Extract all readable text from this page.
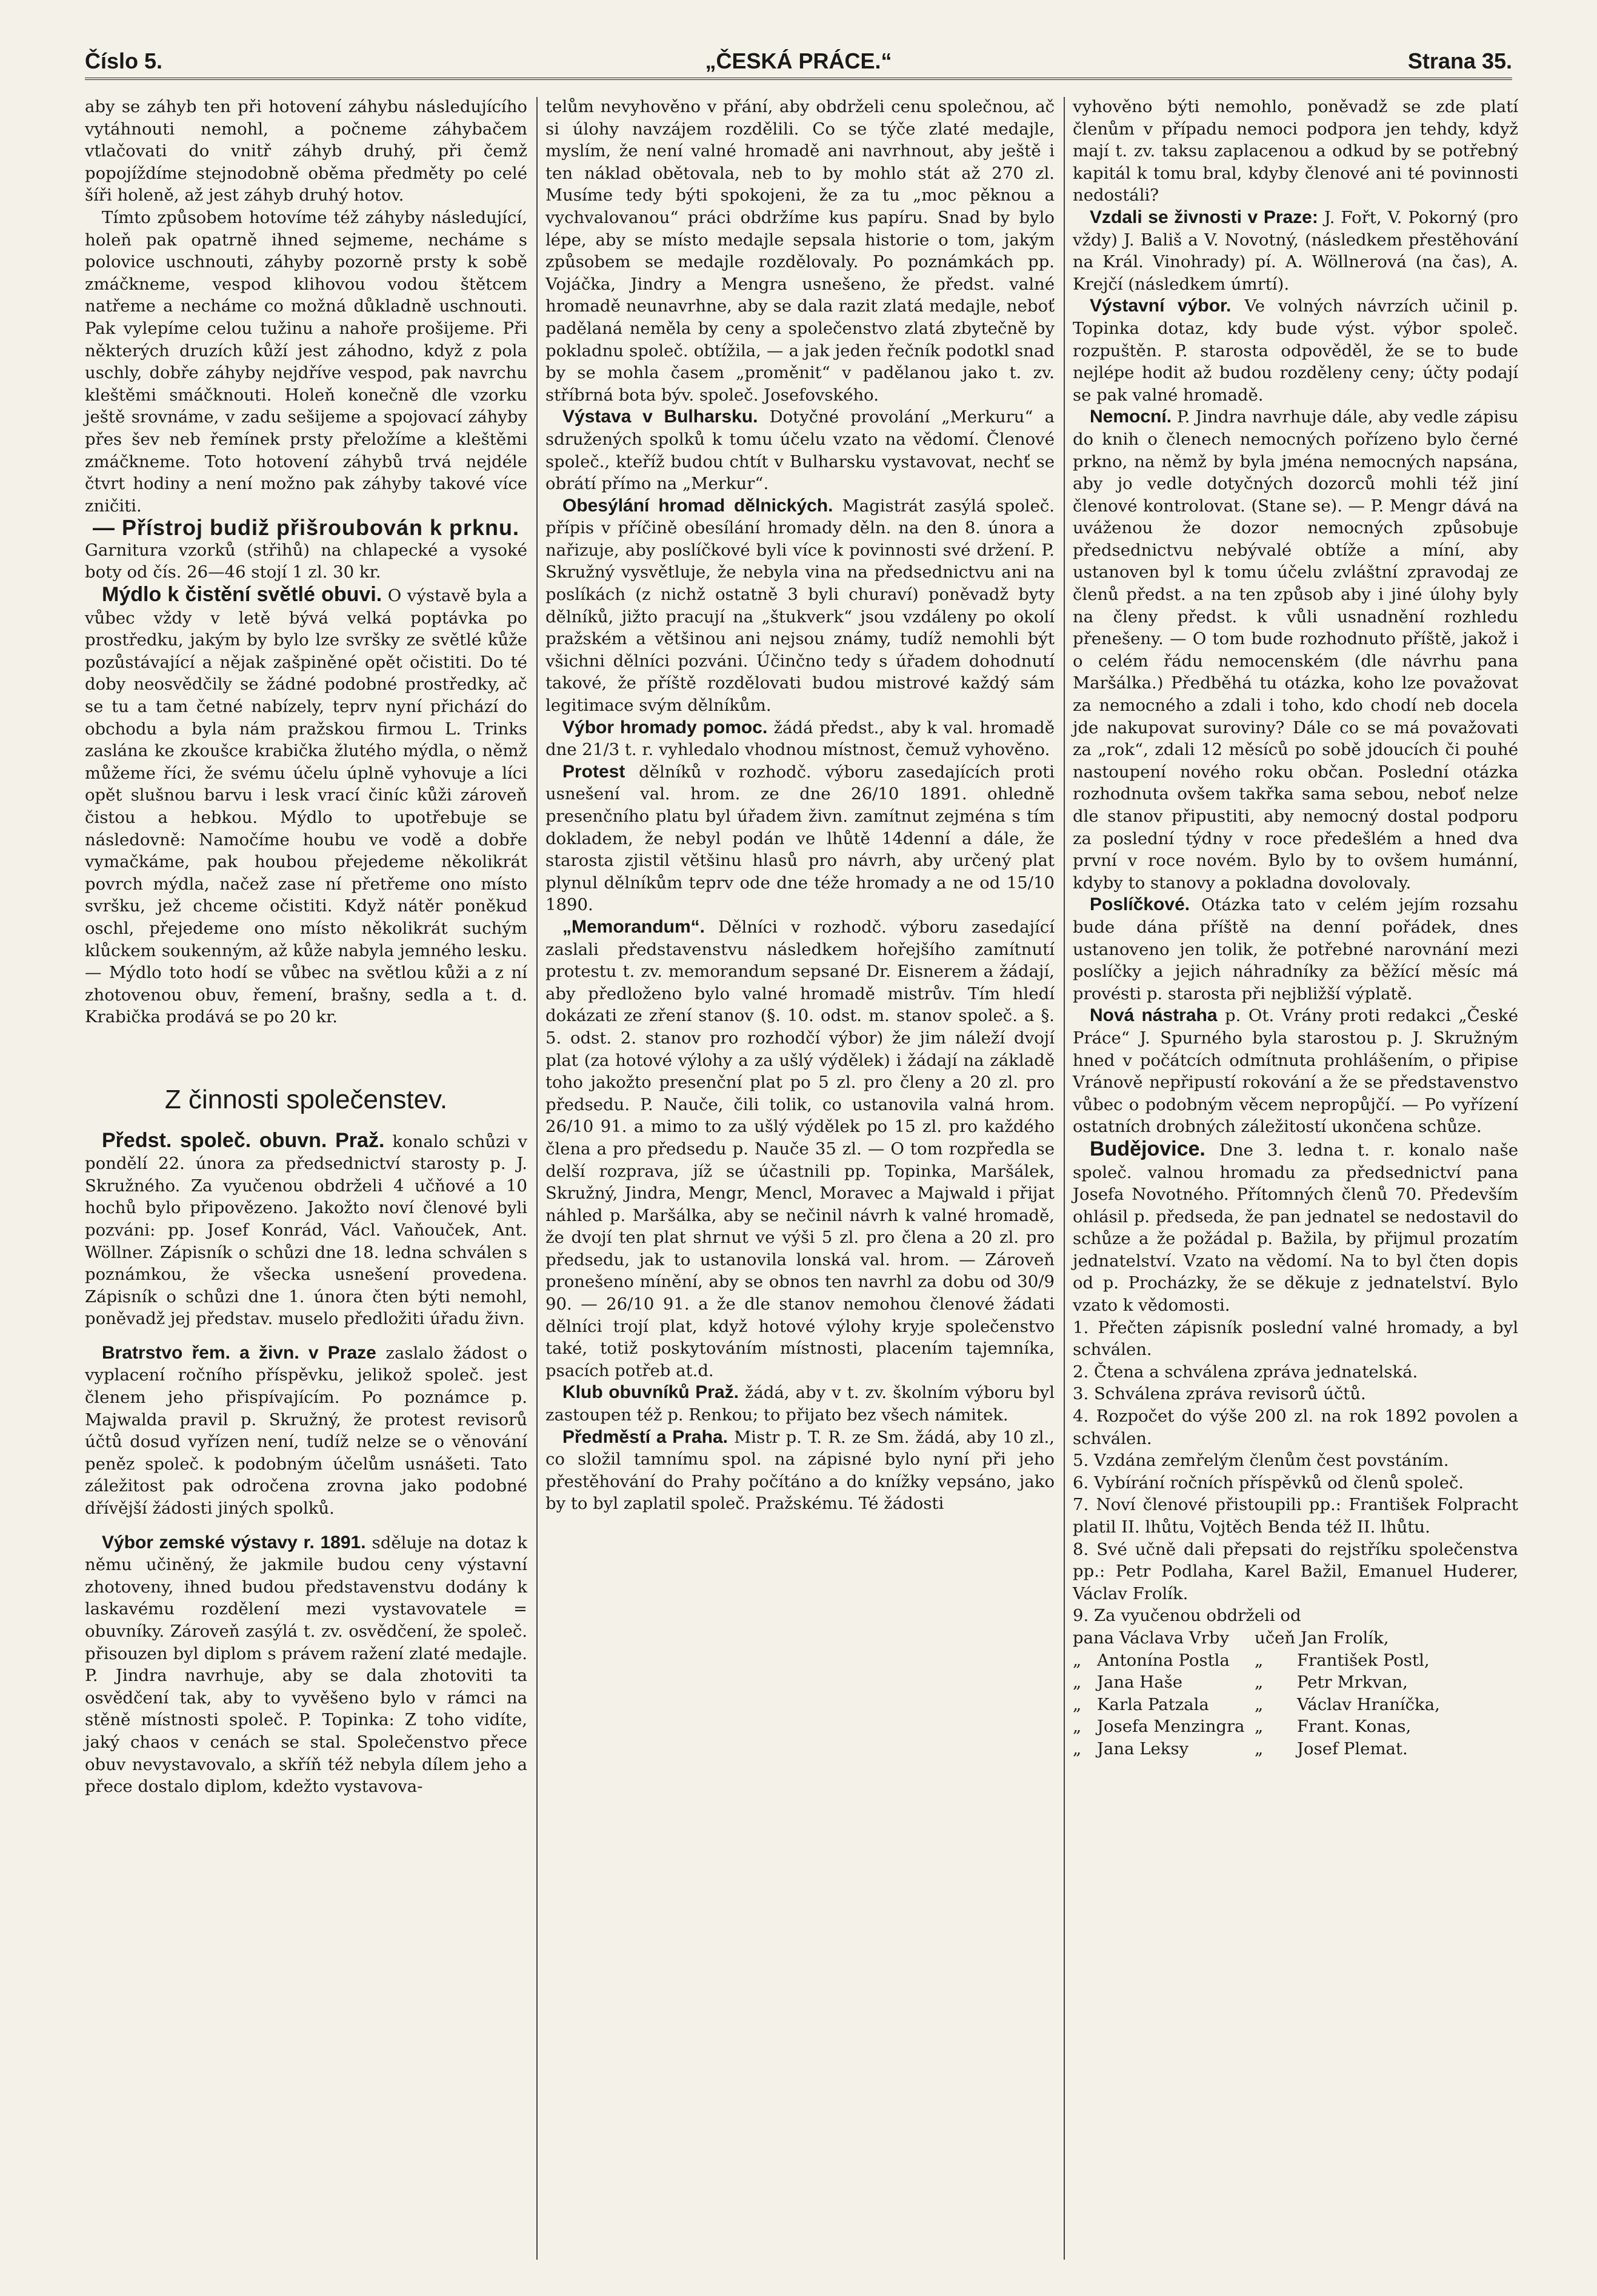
Číslo 5.	„ČESKÁ PRÁCE.“	Strana 35.

aby se záhyb ten při hotovení záhybu následujícího vytáhnouti nemohl, a počneme záhybačem vtlačovati do vnitř záhyb druhý, při čemž popojíždíme stejnodobně oběma předměty po celé šíři holeně, až jest záhyb druhý hotov.

Tímto způsobem hotovíme též záhyby následující, holeň pak opatrně ihned sejmeme, necháme s polovice uschnouti, záhyby pozorně prsty k sobě zmáčkneme, vespod klihovou vodou štětcem natřeme a necháme co možná důkladně uschnouti. Pak vylepíme celou tužinu a nahoře prošijeme. Při některých druzích kůží jest záhodno, když z pola uschly, dobře záhyby nejdříve vespod, pak navrchu kleštěmi smáčknouti. Holeň konečně dle vzorku ještě srovnáme, v zadu sešijeme a spojovací záhyby přes šev neb řemínek prsty přeložíme a kleštěmi zmáčkneme. Toto hotovení záhybů trvá nejdéle čtvrt hodiny a není možno pak záhyby takové více zničiti.

— Přístroj budiž přišroubován k prknu.

Garnitura vzorků (střihů) na chlapecké a vysoké boty od čís. 26—46 stojí 1 zl. 30 kr.

Mýdlo k čistění světlé obuvi. O výstavě byla a vůbec vždy v letě bývá velká poptávka po prostředku, jakým by bylo lze svršky ze světlé kůže pozůstávající a nějak zašpiněné opět očistiti. Do té doby neosvědčily se žádné podobné prostředky, ač se tu a tam četné nabízely, teprv nyní přichází do obchodu a byla nám pražskou firmou L. Trinks zaslána ke zkoušce krabička žlutého mýdla, o němž můžeme říci, že svému účelu úplně vyhovuje a líci opět slušnou barvu i lesk vrací činíc kůži zároveň čistou a hebkou. Mýdlo to upotřebuje se následovně: Namočíme houbu ve vodě a dobře vymačkáme, pak houbou přejedeme několikrát povrch mýdla, načež zase ní přetřeme ono místo svršku, jež chceme očistiti. Když nátěr poněkud oschl, přejedeme ono místo několikrát suchým klůckem soukenným, až kůže nabyla jemného lesku. — Mýdlo toto hodí se vůbec na světlou kůži a z ní zhotovenou obuv, řemení, brašny, sedla a t. d. Krabička prodává se po 20 kr.

Z činnosti společenstev.

Předst. společ. obuvn. Praž. konalo schůzi v pondělí 22. února za předsednictví starosty p. J. Skružného. Za vyučenou obdrželi 4 učňové a 10 hochů bylo připovězeno. Jakožto noví členové byli pozváni: pp. Josef Konrád, Václ. Vaňouček, Ant. Wöllner. Zápisník o schůzi dne 18. ledna schválen s poznámkou, že všecka usnešení provedena. Zápisník o schůzi dne 1. února čten býti nemohl, poněvadž jej představ. muselo předložiti úřadu živn.

Bratrstvo řem. a živn. v Praze zaslalo žádost o vyplacení ročního příspěvku, jelikož společ. jest členem jeho přispívajícím. Po poznámce p. Majwalda pravil p. Skružný, že protest revisorů účtů dosud vyřízen není, tudíž nelze se o věnování peněz společ. k podobným účelům usnášeti. Tato záležitost pak odročena zrovna jako podobné dřívější žádosti jiných spolků.

Výbor zemské výstavy r. 1891. sděluje na dotaz k němu učiněný, že jakmile budou ceny výstavní zhotoveny, ihned budou představenstvu dodány k laskavému rozdělení mezi vystavovatele = obuvníky. Zároveň zasýlá t. zv. osvědčení, že společ. přisouzen byl diplom s právem ražení zlaté medajle. P. Jindra navrhuje, aby se dala zhotoviti ta osvědčení tak, aby to vyvěšeno bylo v rámci na stěně místnosti společ. P. Topinka: Z toho vidíte, jaký chaos v cenách se stal. Společenstvo přece obuv nevystavovalo, a skříň též nebyla dílem jeho a přece dostalo diplom, kdežto vystavova-

telům nevyhověno v přání, aby obdrželi cenu společnou, ač si úlohy navzájem rozdělili. Co se týče zlaté medajle, myslím, že není valné hromadě ani navrhnout, aby ještě i ten náklad obětovala, neb to by mohlo stát až 270 zl. Musíme tedy býti spokojeni, že za tu „moc pěknou a vychvalovanou“ práci obdržíme kus papíru. Snad by bylo lépe, aby se místo medajle sepsala historie o tom, jakým způsobem se medajle rozdělovaly. Po poznámkách pp. Vojáčka, Jindry a Mengra usnešeno, že předst. valné hromadě neunavrhne, aby se dala razit zlatá medajle, neboť padělaná neměla by ceny a společenstvo zlatá zbytečně by pokladnu společ. obtížila, — a jak jeden řečník podotkl snad by se mohla časem „proměnit“ v padělanou jako t. zv. stříbrná bota býv. společ. Josefovského.

Výstava v Bulharsku. Dotyčné provolání „Merkuru“ a sdružených spolků k tomu účelu vzato na vědomí. Členové společ., kteříž budou chtít v Bulharsku vystavovat, nechť se obrátí přímo na „Merkur“.

Obesýlání hromad dělnických. Magistrát zasýlá společ. přípis v příčině obesílání hromady děln. na den 8. února a nařizuje, aby poslíčkové byli více k povinnosti své držení. P. Skružný vysvětluje, že nebyla vina na předsednictvu ani na poslíkách (z nichž ostatně 3 byli churaví) poněvadž byty dělníků, jižto pracují na „štukverk“ jsou vzdáleny po okolí pražském a většinou ani nejsou známy, tudíž nemohli být všichni dělníci pozváni. Účinčno tedy s úřadem dohodnutí takové, že příště rozdělovati budou mistrové každý sám legitimace svým dělníkům.

Výbor hromady pomoc. žádá předst., aby k val. hromadě dne 21/3 t. r. vyhledalo vhodnou místnost, čemuž vyhověno.

Protest dělníků v rozhodč. výboru zasedajících proti usnešení val. hrom. ze dne 26/10 1891. ohledně presenčního platu byl úřadem živn. zamítnut zejména s tím dokladem, že nebyl podán ve lhůtě 14denní a dále, že starosta zjistil většinu hlasů pro návrh, aby určený plat plynul dělníkům teprv ode dne téže hromady a ne od 15/10 1890.

„Memorandum“. Dělníci v rozhodč. výboru zasedající zaslali představenstvu následkem hořejšího zamítnutí protestu t. zv. memorandum sepsané Dr. Eisnerem a žádají, aby předloženo bylo valné hromadě mistrův. Tím hledí dokázati ze zření stanov (§. 10. odst. m. stanov společ. a §. 5. odst. 2. stanov pro rozhodčí výbor) že jim náleží dvojí plat (za hotové výlohy a za ušlý výdělek) i žádají na základě toho jakožto presenční plat po 5 zl. pro členy a 20 zl. pro předsedu. P. Nauče, čili tolik, co ustanovila valná hrom. 26/10 91. a mimo to za ušlý výdělek po 15 zl. pro každého člena a pro předsedu p. Nauče 35 zl. — O tom rozpředla se delší rozprava, jíž se účastnili pp. Topinka, Maršálek, Skružný, Jindra, Mengr, Mencl, Moravec a Majwald i přijat náhled p. Maršálka, aby se nečinil návrh k valné hromadě, že dvojí ten plat shrnut ve výši 5 zl. pro člena a 20 zl. pro předsedu, jak to ustanovila lonská val. hrom. — Zároveň pronešeno mínění, aby se obnos ten navrhl za dobu od 30/9 90. — 26/10 91. a že dle stanov nemohou členové žádati dělníci trojí plat, když hotové výlohy kryje společenstvo také, totiž poskytováním místnosti, placením tajemníka, psacích potřeb at.d.

Klub obuvníků Praž. žádá, aby v t. zv. školním výboru byl zastoupen též p. Renkou; to přijato bez všech námitek.

Předměstí a Praha. Mistr p. T. R. ze Sm. žádá, aby 10 zl., co složil tamnímu spol. na zápisné bylo nyní při jeho přestěhování do Prahy počítáno a do knížky vepsáno, jako by to byl zaplatil společ. Pražskému. Té žádosti

vyhověno býti nemohlo, poněvadž se zde platí členům v případu nemoci podpora jen tehdy, když mají t. zv. taksu zaplacenou a odkud by se potřebný kapitál k tomu bral, kdyby členové ani té povinnosti nedostáli?

Vzdali se živnosti v Praze: J. Fořt, V. Pokorný (pro vždy) J. Bališ a V. Novotný, (následkem přestěhování na Král. Vinohrady) pí. A. Wöllnerová (na čas), A. Krejčí (následkem úmrtí).

Výstavní výbor. Ve volných návrzích učinil p. Topinka dotaz, kdy bude výst. výbor společ. rozpuštěn. P. starosta odpověděl, že se to bude nejlépe hodit až budou rozděleny ceny; účty podají se pak valné hromadě.

Nemocní. P. Jindra navrhuje dále, aby vedle zápisu do knih o členech nemocných pořízeno bylo černé prkno, na němž by byla jména nemocných napsána, aby jo vedle dotyčných dozorců mohli též jiní členové kontrolovat. (Stane se). — P. Mengr dává na uváženou že dozor nemocných způsobuje předsednictvu nebývalé obtíže a míní, aby ustanoven byl k tomu účelu zvláštní zpravodaj ze členů předst. a na ten způsob aby i jiné úlohy byly na členy předst. k vůli usnadnění rozhledu přenešeny. — O tom bude rozhodnuto příště, jakož i o celém řádu nemocenském (dle návrhu pana Maršálka.) Předběhá tu otázka, koho lze považovat za nemocného a zdali i toho, kdo chodí neb docela jde nakupovat suroviny? Dále co se má považovati za „rok“, zdali 12 měsíců po sobě jdoucích či pouhé nastoupení nového roku občan. Poslední otázka rozhodnuta ovšem takřka sama sebou, neboť nelze dle stanov připustiti, aby nemocný dostal podporu za poslední týdny v roce předešlém a hned dva první v roce novém. Bylo by to ovšem humánní, kdyby to stanovy a pokladna dovolovaly.

Poslíčkové. Otázka tato v celém jejím rozsahu bude dána příště na denní pořádek, dnes ustanoveno jen tolik, že potřebné narovnání mezi poslíčky a jejich náhradníky za běžící měsíc má provésti p. starosta při nejbližší výplatě.

Nová nástraha p. Ot. Vrány proti redakci „České Práce“ J. Spurného byla starostou p. J. Skružným hned v počátcích odmítnuta prohlášením, o připise Vránově nepřipustí rokování a že se představenstvo vůbec o podobným věcem nepropůjčí. — Po vyřízení ostatních drobných záležitostí ukončena schůze.

Budějovice. Dne 3. ledna t. r. konalo naše společ. valnou hromadu za předsednictví pana Josefa Novotného. Přítomných členů 70. Především ohlásil p. předseda, že pan jednatel se nedostavil do schůze a že požádal p. Bažila, by přijmul prozatím jednatelství. Vzato na vědomí. Na to byl čten dopis od p. Procházky, že se děkuje z jednatelství. Bylo vzato k vědomosti.

1. Přečten zápisník poslední valné hromady, a byl schválen.

2. Čtena a schválena zpráva jednatelská.

3. Schválena zpráva revisorů účtů.

4. Rozpočet do výše 200 zl. na rok 1892 povolen a schválen.

5. Vzdána zemřelým členům čest povstáním.

6. Vybírání ročních příspěvků od členů společ.

7. Noví členové přistoupili pp.: František Folpracht platil II. lhůtu, Vojtěch Benda též II. lhůtu.

8. Své učně dali přepsati do rejstříku společenstva pp.: Petr Podlaha, Karel Bažil, Emanuel Huderer, Václav Frolík.

9. Za vyučenou obdrželi od

pana Václava Vrby		učeň Jan Frolík,	
„	Antonína Postla	„	František Postl,
„	Jana Haše	„	Petr Mrkvan,
„	Karla Patzala	„	Václav Hraníčka,
„	Josefa Menzingra	„	Frant. Konas,
„	Jana Leksy	„	Josef Plemat.
